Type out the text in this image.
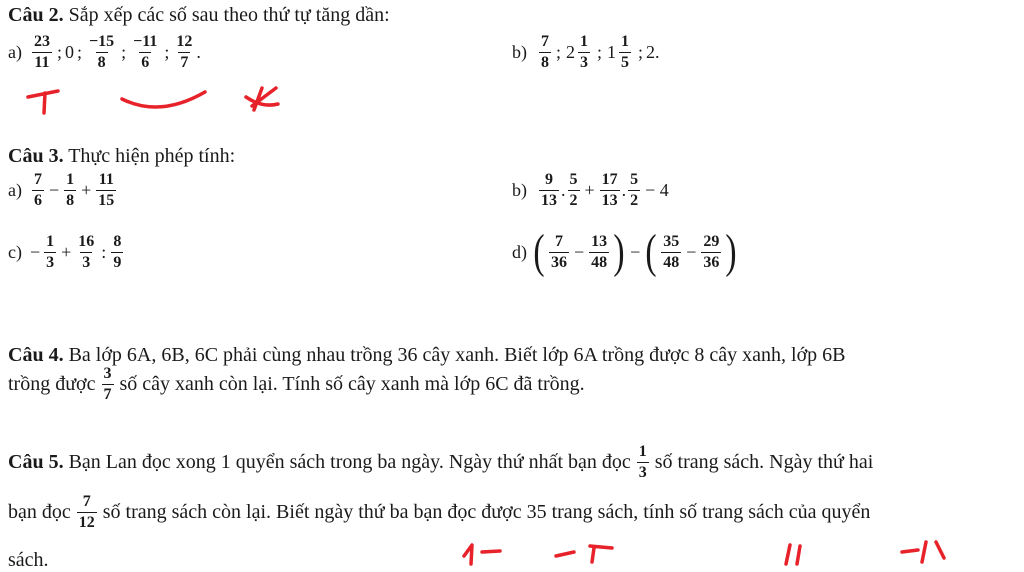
Câu 2. Sắp xếp các số sau theo thứ tự tăng dần:
$a) \frac{23}{11}$ ; 0 ; $\frac{-15}{8}$ ; $\frac{-11}{6}$ ; $\frac{12}{7}$ .	$b) \frac{7}{8}$ ; $2 \frac{1}{3}$ ; $1 \frac{1}{5}$ ; 2.
Câu 3. Thực hiện phép tính:
$a) \frac{7}{6} - \frac{1}{8} + \frac{11}{15}$	$b) \frac{9}{13}$ . $\frac{5}{2} + \frac{17}{13}$ . $\frac{5}{2} - 4$
$c) - \frac{1}{3} + \frac{16}{3}$ : $\frac{8}{9}$	d) ( $\frac{7}{36} - \frac{13}{48}$ ) − ( $\frac{35}{48} - \frac{29}{36}$ )
Câu 4. Ba lớp 6A, 6B, 6C phải cùng nhau trồng 36 cây xanh. Biết lớp 6A trồng được 8 cây xanh, lớp 6B
trồng được $\frac{3}{7}$ số cây xanh còn lại. Tính số cây xanh mà lớp 6C đã trồng.
Câu 5. Bạn Lan đọc xong 1 quyển sách trong ba ngày. Ngày thứ nhất bạn đọc $\frac{1}{3}$ số trang sách. Ngày thứ hai
bạn đọc $\frac{7}{12}$ số trang sách còn lại. Biết ngày thứ ba bạn đọc được 35 trang sách, tính số trang sách của quyển
sách.
